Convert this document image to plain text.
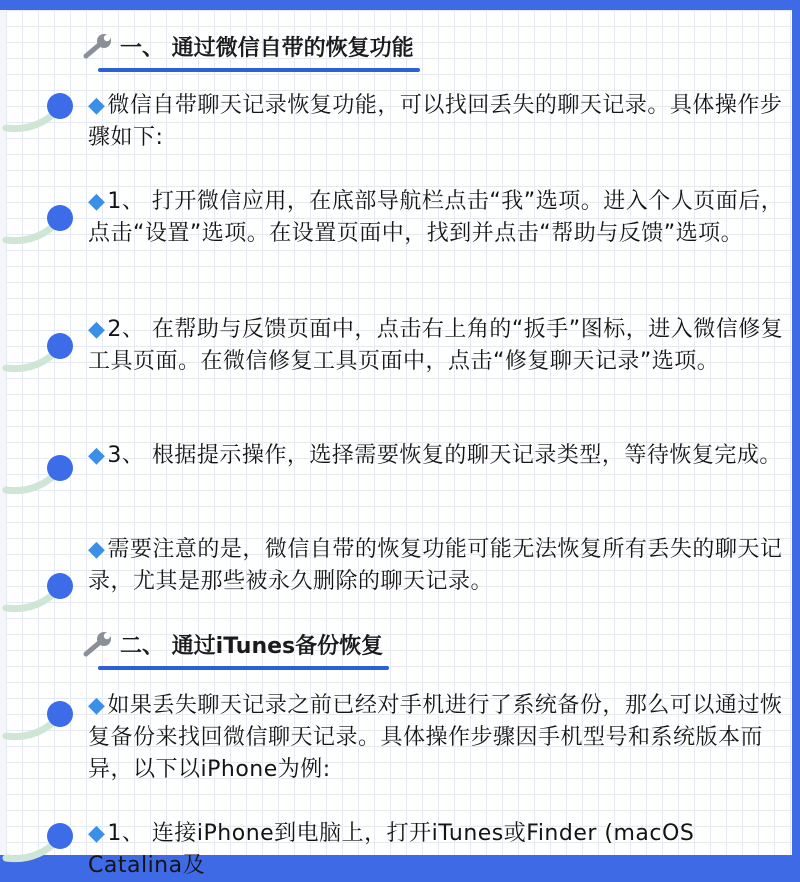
一、 通过微信自带的恢复功能

◆微信自带聊天记录恢复功能，可以找回丢失的聊天记录。具体操作步骤如下:

◆1、 打开微信应用，在底部导航栏点击“我”选项。进入个人页面后，点击“设置”选项。在设置页面中，找到并点击“帮助与反馈”选项。

◆2、 在帮助与反馈页面中，点击右上角的“扳手”图标，进入微信修复工具页面。在微信修复工具页面中，点击“修复聊天记录”选项。

◆3、 根据提示操作，选择需要恢复的聊天记录类型，等待恢复完成。

◆需要注意的是，微信自带的恢复功能可能无法恢复所有丢失的聊天记录，尤其是那些被永久删除的聊天记录。

二、 通过iTunes备份恢复

◆如果丢失聊天记录之前已经对手机进行了系统备份，那么可以通过恢复备份来找回微信聊天记录。具体操作步骤因手机型号和系统版本而异，以下以iPhone为例:

◆1、 连接iPhone到电脑上，打开iTunes或Finder (macOS Catalina及
